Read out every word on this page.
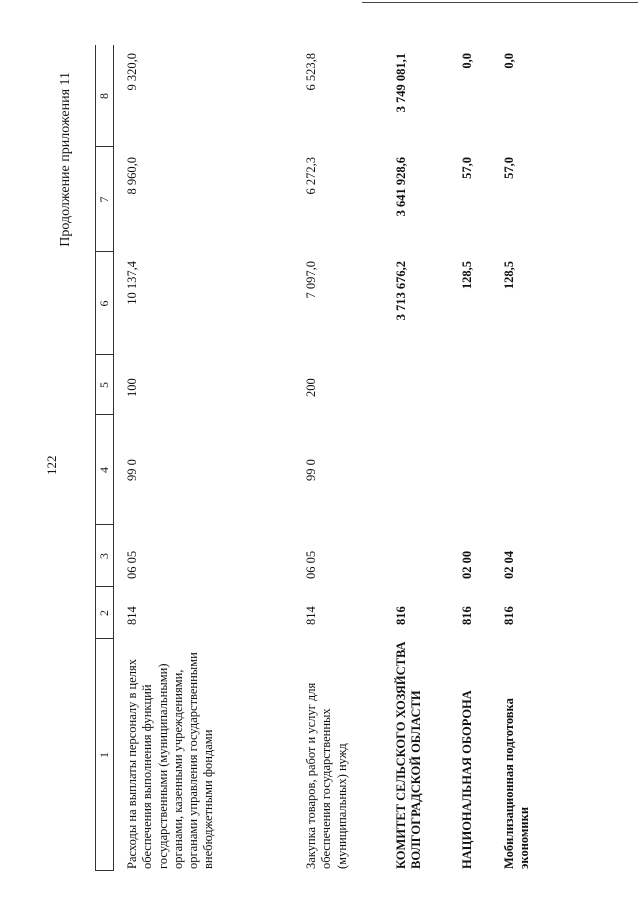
122
Продолжение приложения 11
1
2
3
4
5
6
7
8
Расходы на выплаты персоналу в целях обеспечения выполнения функций государственными (муниципальными) органами, казенными учреждениями, органами управления государственными внебюджетными фондами
814
06 05
99 0
100
10 137,4
8 960,0
9 320,0
Закупка товаров, работ и услуг для обеспечения государственных (муниципальных) нужд
814
06 05
99 0
200
7 097,0
6 272,3
6 523,8
КОМИТЕТ СЕЛЬСКОГО ХОЗЯЙСТВА ВОЛГОГРАДСКОЙ ОБЛАСТИ
816
3 713 676,2
3 641 928,6
3 749 081,1
НАЦИОНАЛЬНАЯ ОБОРОНА
816
02 00
128,5
57,0
0,0
Мобилизационная подготовка экономики
816
02 04
128,5
57,0
0,0
